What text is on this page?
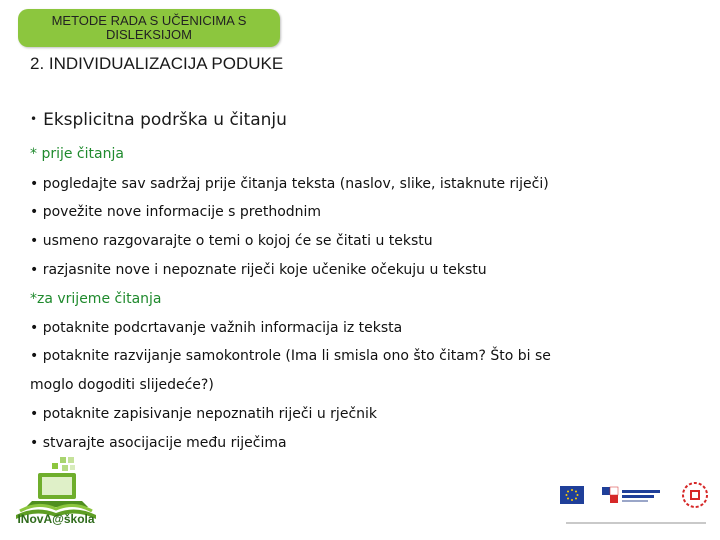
METODE RADA S UČENICIMA S
DISLEKSIJOM
2. INDIVIDUALIZACIJA PODUKE
• Eksplicitna podrška u čitanju
* prije čitanja
• pogledajte sav sadržaj prije čitanja teksta (naslov, slike, istaknute riječi)
• povežite nove informacije s prethodnim
• usmeno razgovarajte o temi o kojoj će se čitati u tekstu
• razjasnite nove i nepoznate riječi koje učenike očekuju u tekstu
*za vrijeme čitanja
• potaknite podcrtavanje važnih informacija iz teksta
• potaknite razvijanje samokontrole (Ima li smisla ono što čitam? Što bi se
moglo dogoditi slijedeće?)
• potaknite zapisivanje nepoznatih riječi u rječnik
• stvarajte asocijacije među riječima
INovA@škola
